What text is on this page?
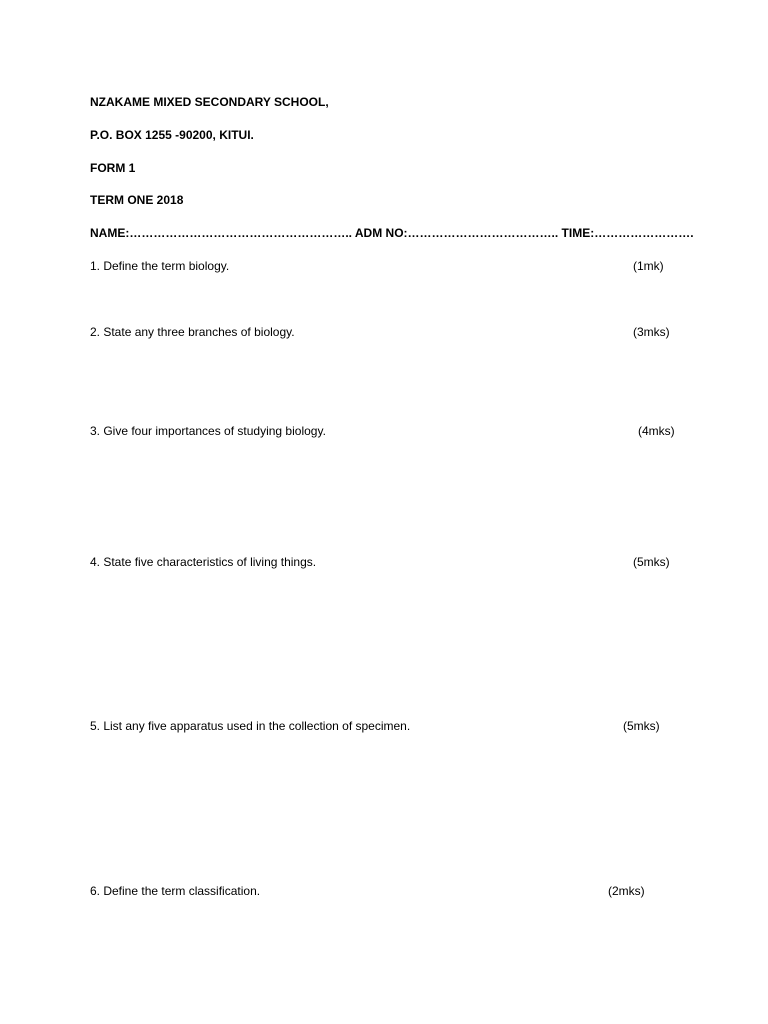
NZAKAME MIXED SECONDARY SCHOOL,
P.O. BOX 1255 -90200, KITUI.
FORM 1
TERM ONE 2018
NAME:……………………………………………….. ADM NO:……………………………….. TIME:…………………….
1. Define the term biology.	(1mk)
2. State any three branches of biology.	(3mks)
3. Give four importances of studying biology.	(4mks)
4. State five characteristics of living things.	(5mks)
5. List any five apparatus used in the collection of specimen.	(5mks)
6. Define the term classification.	(2mks)
